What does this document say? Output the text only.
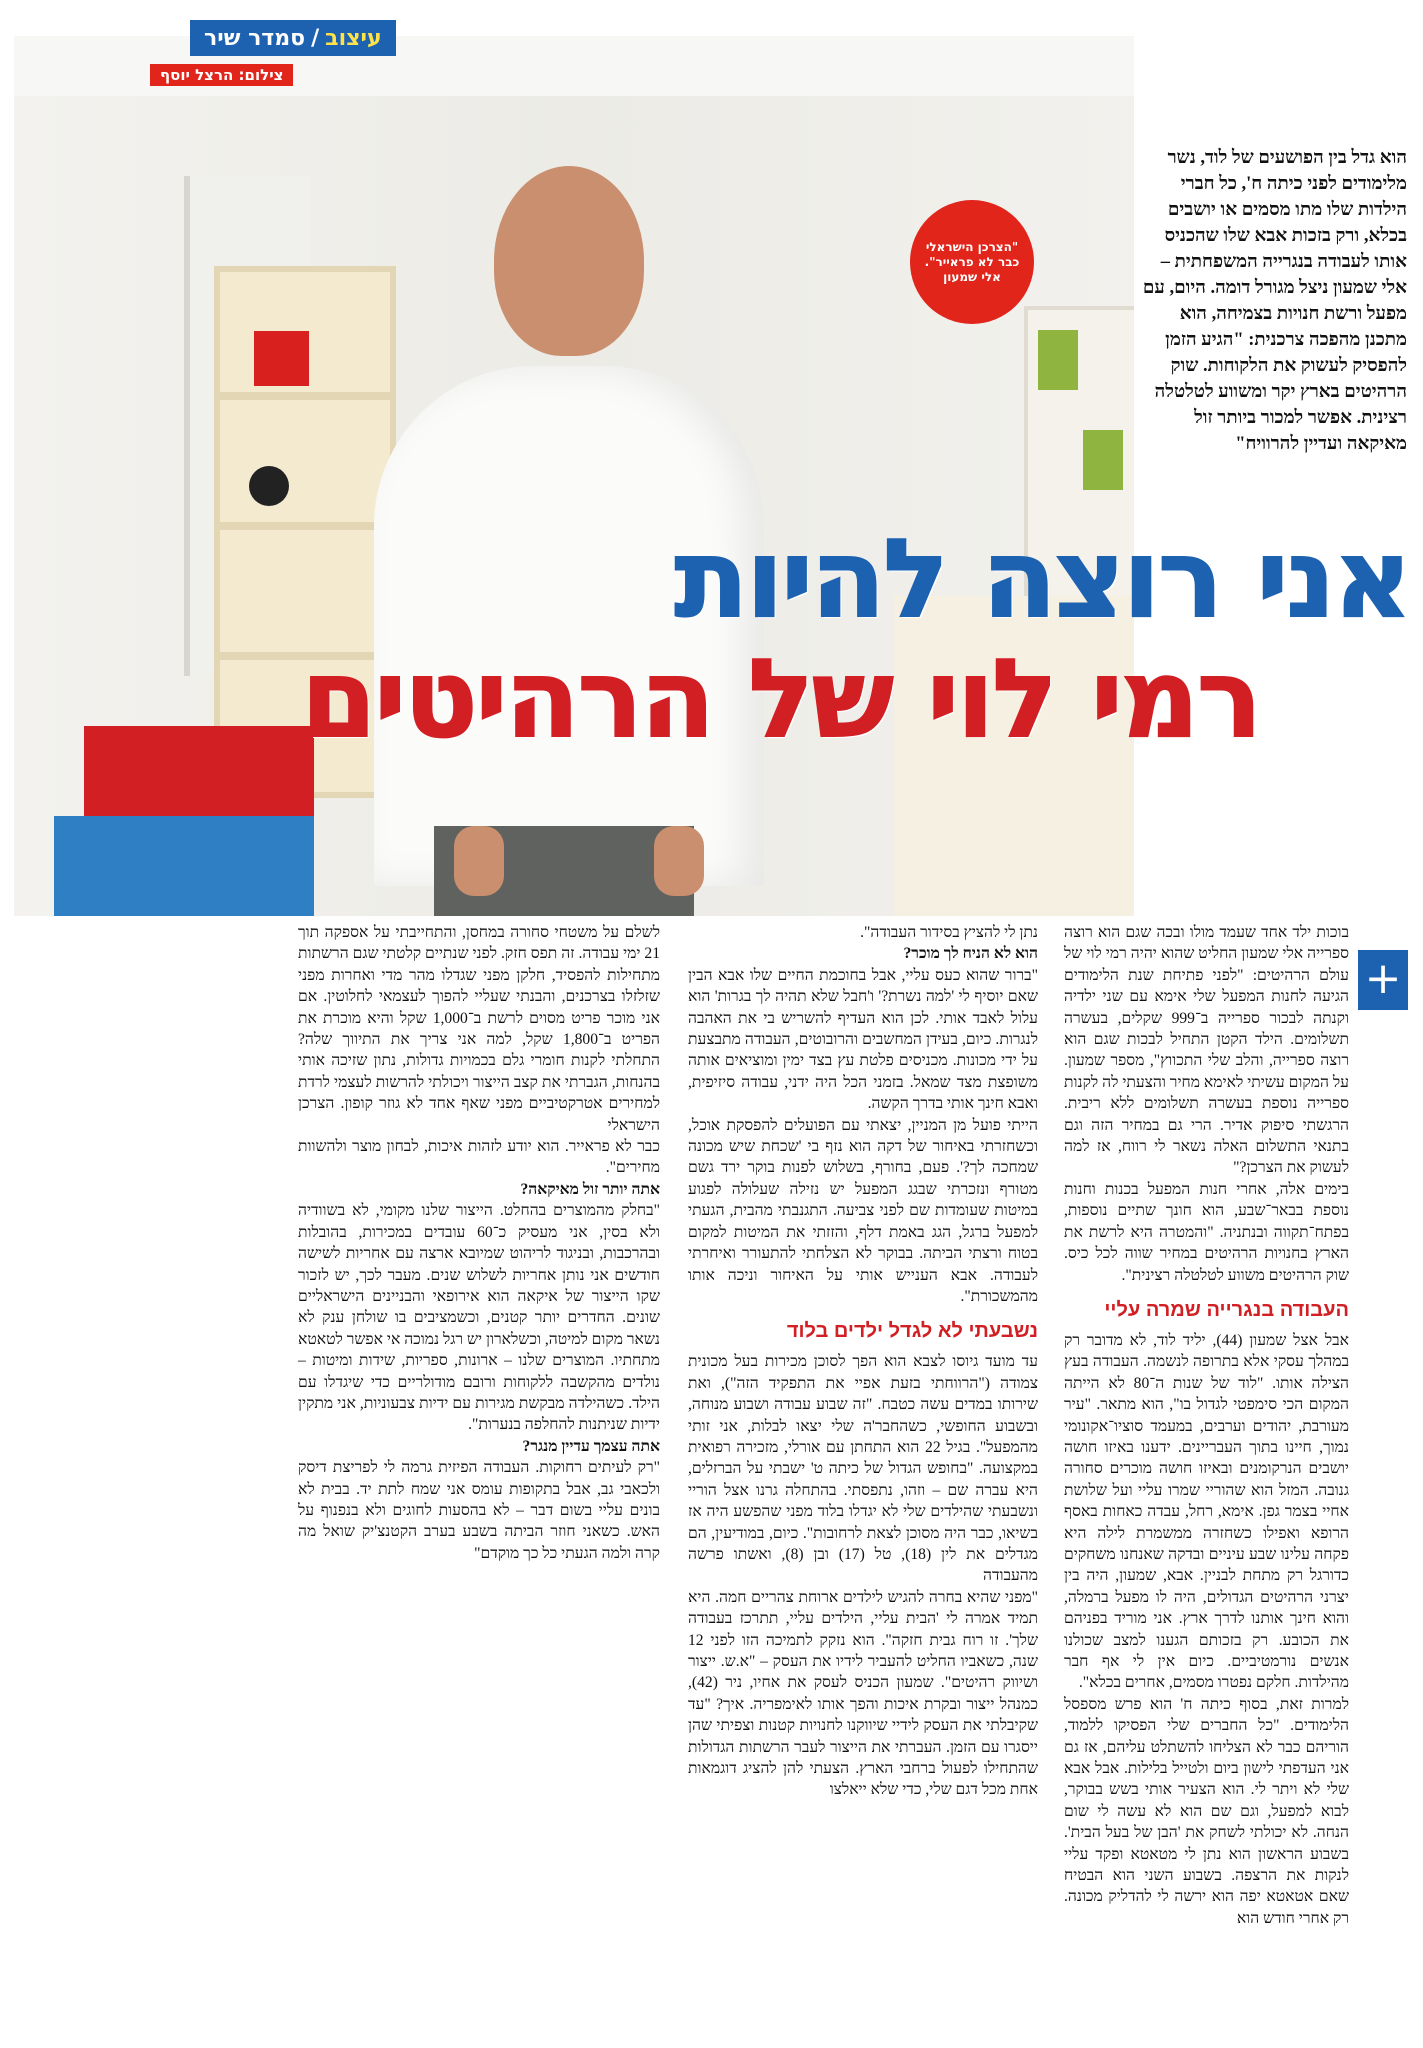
עיצוב
/
סמדר שיר
צילום: הרצל יוסף
"הצרכן הישראלי כבר לא פראייר". אלי שמעון
הוא גדל בין הפושעים של לוד, נשר מלימודים לפני כיתה ח', כל חברי הילדות שלו מתו מסמים או יושבים בכלא, ורק בזכות אבא שלו שהכניס אותו לעבודה בנגרייה המשפחתית – אלי שמעון ניצל מגורל דומה. היום, עם מפעל ורשת חנויות בצמיחה, הוא מתכנן מהפכה צרכנית: "הגיע הזמן להפסיק לעשוק את הלקוחות. שוק הרהיטים בארץ יקר ומשווע לטלטלה רצינית. אפשר למכור ביותר זול מאיקאה ועדיין להרוויח"
אני רוצה להיות
רמי לוי של הרהיטים
+

בוכות ילד אחד שעמד מולו ובכה שגם הוא רוצה ספרייה אלי שמעון החליט שהוא יהיה רמי לוי של עולם הרהיטים: "לפני פתיחת שנת הלימודים הגיעה לחנות המפעל שלי אימא עם שני ילדיה וקנתה לבכור ספרייה ב־999 שקלים, בעשרה תשלומים. הילד הקטן התחיל לבכות שגם הוא רוצה ספרייה, והלב שלי התכווץ", מספר שמעון. על המקום עשיתי לאימא מחיר והצעתי לה לקנות ספרייה נוספת בעשרה תשלומים ללא ריבית. הרגשתי סיפוק אדיר. הרי גם במחיר הזה וגם בתנאי התשלום האלה נשאר לי רווח, אז למה לעשוק את הצרכן?"

בימים אלה, אחרי חנות המפעל בכנות וחנות נוספת בבאר־שבע, הוא חונך שתיים נוספות, בפתח־תקווה ובנתניה. "והמטרה היא לרשת את הארץ בחנויות הרהיטים במחיר שווה לכל כיס. שוק הרהיטים משווע לטלטלה רצינית".

העבודה בנגרייה שמרה עליי

אבל אצל שמעון (44), יליד לוד, לא מדובר רק במהלך עסקי אלא בתרופה לנשמה. העבודה בעץ הצילה אותו. "לוד של שנות ה־80 לא הייתה המקום הכי סימפטי לגדול בו", הוא מתאר. "עיר מעורבת, יהודים וערבים, במעמד סוציו־אקונומי נמוך, חיינו בתוך העבריינים. ידענו באיזו חושה יושבים הנרקומנים ובאיזו חושה מוכרים סחורה גנובה. המזל הוא שהוריי שמרו עליי ועל שלושת אחיי בצמר גפן. אימא, רחל, עבדה כאחות באסף הרופא ואפילו כשחזרה ממשמרת לילה היא פקחה עלינו שבע עיניים ובדקה שאנחנו משחקים כדורגל רק מתחת לבניין. אבא, שמעון, היה בין יצרני הרהיטים הגדולים, היה לו מפעל ברמלה, והוא חינך אותנו לדרך ארץ. אני מוריד בפניהם את הכובע. רק בזכותם הגענו למצב שכולנו אנשים נורמטיביים. כיום אין לי אף חבר מהילדות. חלקם נפטרו מסמים, אחרים בכלא".

למרות זאת, בסוף כיתה ח' הוא פרש מספסל הלימודים. "כל החברים שלי הפסיקו ללמוד, הוריהם כבר לא הצליחו להשתלט עליהם, אז גם אני העדפתי לישון ביום ולטייל בלילות. אבל אבא שלי לא ויתר לי. הוא הצעיר אותי בשש בבוקר, לבוא למפעל, וגם שם הוא לא עשה לי שום הנחה. לא יכולתי לשחק את 'הבן של בעל הבית'. בשבוע הראשון הוא נתן לי מטאטא ופקד עליי לנקות את הרצפה. בשבוע השני הוא הבטיח שאם אטאטא יפה הוא ירשה לי להדליק מכונה. רק אחרי חודש הוא

נתן לי להציץ בסידור העבודה".

הוא לא הניח לך מוכר?

"ברור שהוא כעס עליי, אבל בחוכמת החיים שלו אבא הבין שאם יוסיף לי 'למה נשרת?' ו'חבל שלא תהיה לך בגרות' הוא עלול לאבד אותי. לכן הוא העדיף להשריש בי את האהבה לנגרות. כיום, בעידן המחשבים והרובוטים, העבודה מתבצעת על ידי מכונות. מכניסים פלטת עץ בצד ימין ומוציאים אותה משופצת מצד שמאל. בזמני הכל היה ידני, עבודה סיזיפית, ואבא חינך אותי בדרך הקשה.

הייתי פועל מן המניין, יצאתי עם הפועלים להפסקת אוכל, וכשחזרתי באיחור של דקה הוא נזף בי 'שכחת שיש מכונה שמחכה לך?'. פעם, בחורף, בשלוש לפנות בוקר ירד גשם מטורף ונזכרתי שבגג המפעל יש נזילה שעלולה לפגוע במיטות שעומדות שם לפני צביעה. התגנבתי מהבית, הגעתי למפעל ברגל, הגג באמת דלף, והזזתי את המיטות למקום בטוח ורצתי הביתה. בבוקר לא הצלחתי להתעורר ואיחרתי לעבודה. אבא הענייש אותי על האיחור וניכה אותו מהמשכורת".

נשבעתי לא לגדל ילדים בלוד

עד מועד גיוסו לצבא הוא הפך לסוכן מכירות בעל מכונית צמודה ("הרווחתי בזעת אפיי את התפקיד הזה"), ואת שירותו במדים עשה כטבח. "זה שבוע עבודה ושבוע מנוחה, ובשבוע החופשי, כשהחבר'ה שלי יצאו לבלות, אני זותי מהמפעל". בגיל 22 הוא התחתן עם אורלי, מזכירה רפואית במקצועה. "בחופש הגדול של כיתה ט' ישבתי על הברזלים, היא עברה שם – וזהו, נתפסתי. בהתחלה גרנו אצל הוריי ונשבעתי שהילדים שלי לא יגדלו בלוד מפני שהפשע היה אז בשיאו, כבר היה מסוכן לצאת לרחובות". כיום, במודיעין, הם מגדלים את לין (18), טל (17) ובן (8), ואשתו פרשה מהעבודה

"מפני שהיא בחרה להגיש לילדים ארוחת צהריים חמה. היא תמיד אמרה לי 'הבית עליי, הילדים עליי, תתרכז בעבודה שלך'. זו רוח גבית חזקה". הוא נזקק לתמיכה הזו לפני 12 שנה, כשאביו החליט להעביר לידיו את העסק – "א.ש. ייצור ושיווק רהיטים". שמעון הכניס לעסק את אחיו, ניר (42), כמנהל ייצור ובקרת איכות והפך אותו לאימפריה. איך? "עד שקיבלתי את העסק לידיי שיווקנו לחנויות קטנות וצפיתי שהן ייסגרו עם הזמן. העברתי את הייצור לעבר הרשתות הגדולות שהתחילו לפעול ברחבי הארץ. הצעתי להן להציג דוגמאות אחת מכל דגם שלי, כדי שלא ייאלצו

לשלם על משטחי סחורה במחסן, והתחייבתי על אספקה תוך 21 ימי עבודה. זה תפס חזק. לפני שנתיים קלטתי שגם הרשתות מתחילות להפסיד, חלקן מפני שגדלו מהר מדי ואחרות מפני שזלזלו בצרכנים, והבנתי שעליי להפוך לעצמאי לחלוטין. אם אני מוכר פריט מסוים לרשת ב־1,000 שקל והיא מוכרת את הפריט ב־1,800 שקל, למה אני צריך את התיווך שלה? התחלתי לקנות חומרי גלם בכמויות גדולות, נתון שזיכה אותי בהנחות, הגברתי את קצב הייצור ויכולתי להרשות לעצמי לרדת למחירים אטרקטיביים מפני שאף אחד לא גוזר קופון. הצרכן הישראלי

כבר לא פראייר. הוא יודע לזהות איכות, לבחון מוצר ולהשוות מחירים".

אתה יותר זול מאיקאה?

"בחלק מהמוצרים בהחלט. הייצור שלנו מקומי, לא בשוודיה ולא בסין, אני מעסיק כ־60 עובדים במכירות, בהובלות ובהרכבות, ובניגוד לריהוט שמיובא ארצה עם אחריות לשישה חודשים אני נותן אחריות לשלוש שנים. מעבר לכך, יש לזכור שקו הייצור של איקאה הוא אירופאי והבניינים הישראליים שונים. החדרים יותר קטנים, וכשמציבים בו שולחן ענק לא נשאר מקום למיטה, וכשלארון יש רגל נמוכה אי אפשר לטאטא מתחתיו. המוצרים שלנו – ארונות, ספריות, שידות ומיטות – נולדים מהקשבה ללקוחות ורובם מודולריים כדי שיגדלו עם הילד. כשהילדה מבקשת מגירות עם ידיות צבעוניות, אני מתקין ידיות שניתנות להחלפה בנערות".

אתה עצמך עדיין מנגר?

"רק לעיתים רחוקות. העבודה הפיזית גרמה לי לפריצת דיסק ולכאבי גב, אבל בתקופות עומס אני שמח לתת יד. בבית לא בונים עליי בשום דבר – לא בהסעות לחוגים ולא בנפנוף על האש. כשאני חוזר הביתה בשבע בערב הקטנצ'יק שואל מה קרה ולמה הגעתי כל כך מוקדם"
